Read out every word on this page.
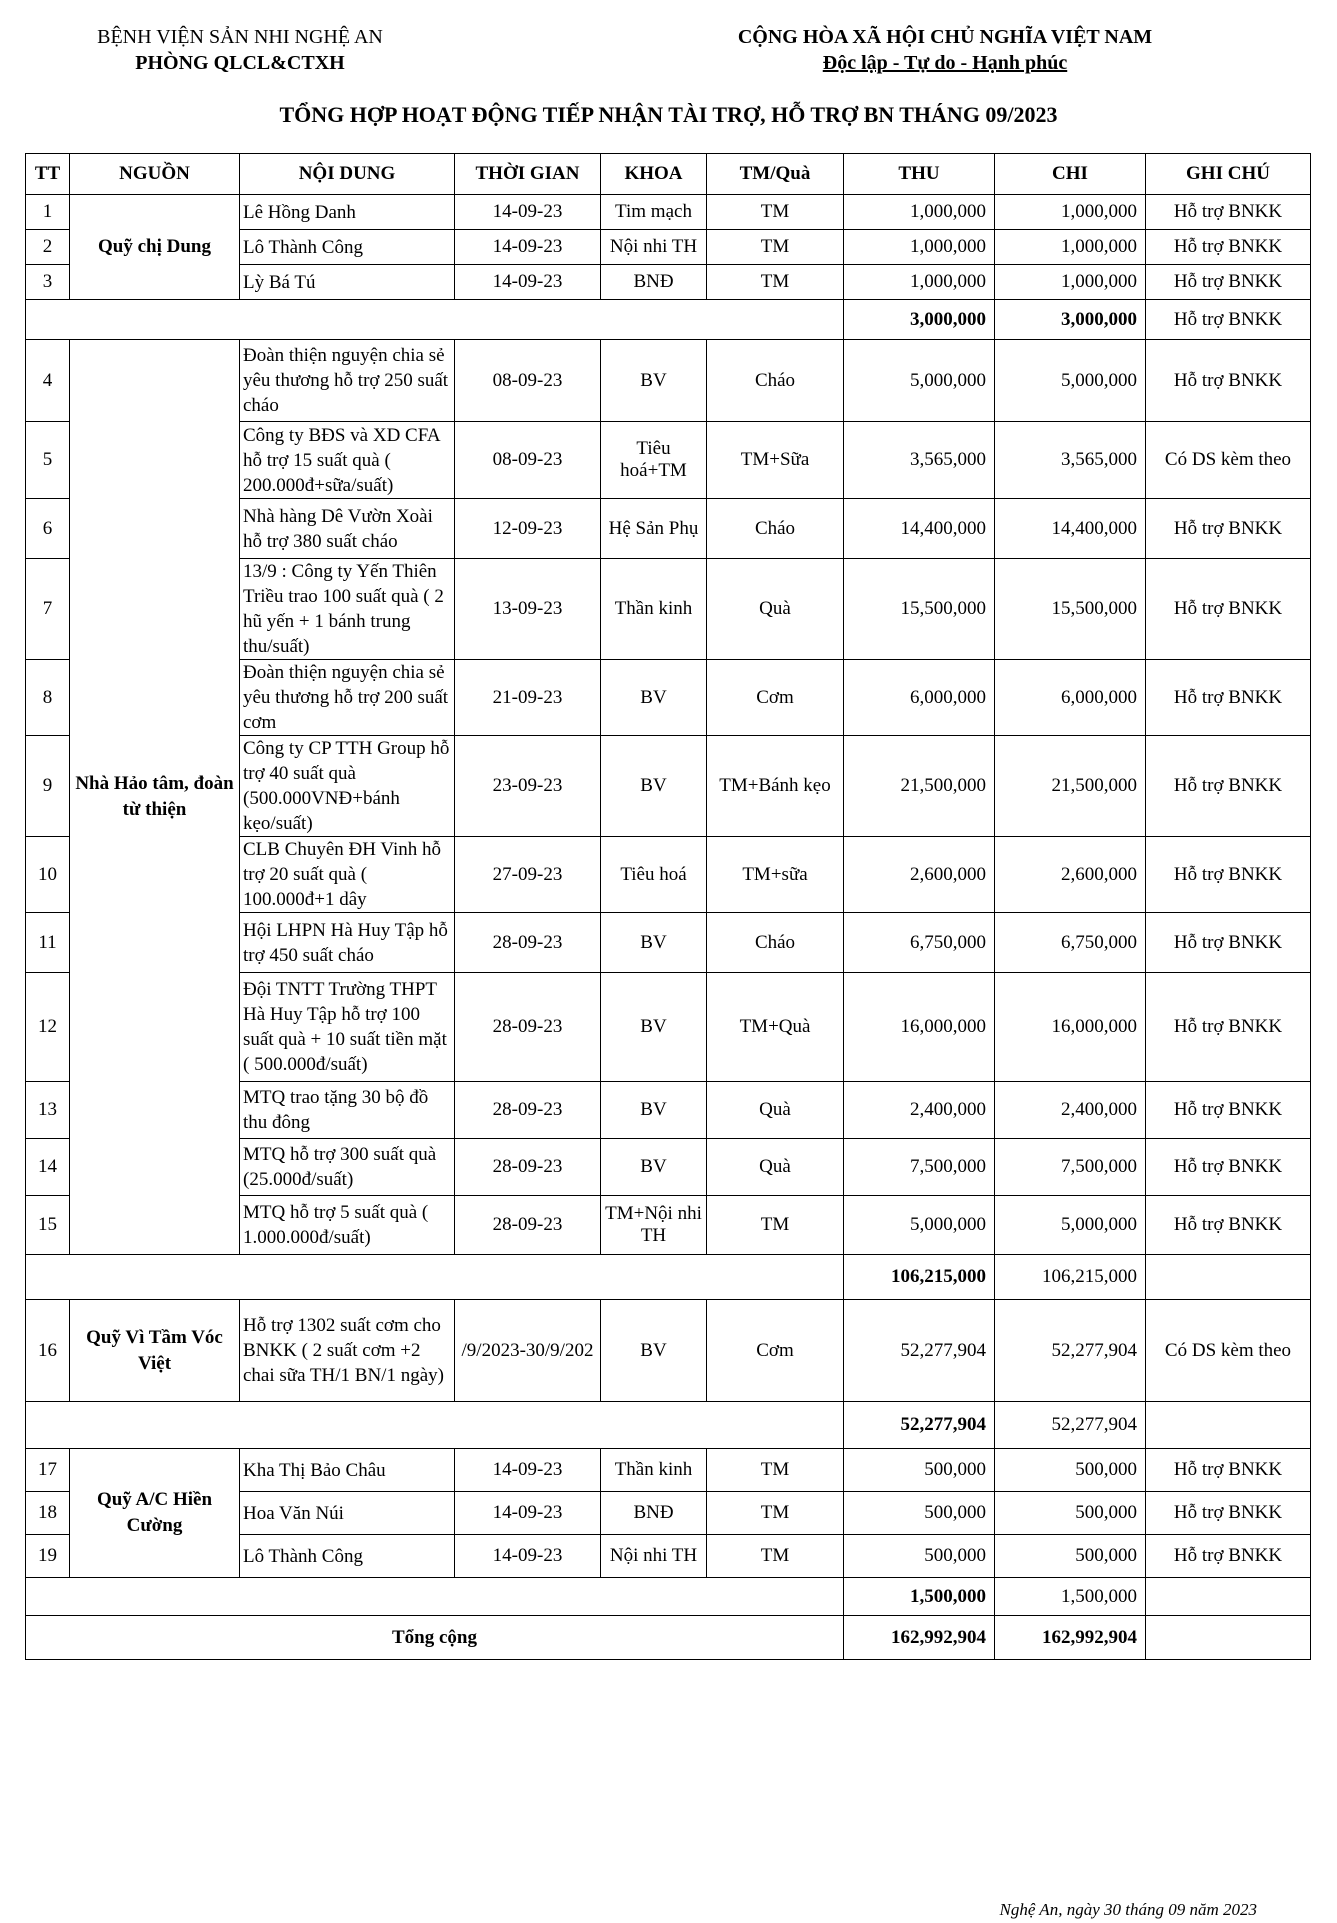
BỆNH VIỆN SẢN NHI NGHỆ AN
PHÒNG QLCL&CTXH
CỘNG HÒA XÃ HỘI CHỦ NGHĨA VIỆT NAM
Độc lập - Tự do - Hạnh phúc
TỔNG HỢP HOẠT ĐỘNG TIẾP NHẬN TÀI TRỢ, HỖ TRỢ BN THÁNG 09/2023
TT	NGUỒN	NỘI DUNG	THỜI GIAN	KHOA	TM/Quà	THU	CHI	GHI CHÚ
1	Quỹ chị Dung	Lê Hồng Danh	14-09-23	Tim mạch	TM	1,000,000	1,000,000	Hỗ trợ BNKK
2		Lô Thành Công	14-09-23	Nội nhi TH	TM	1,000,000	1,000,000	Hỗ trợ BNKK
3		Lỳ Bá Tú	14-09-23	BNĐ	TM	1,000,000	1,000,000	Hỗ trợ BNKK
						3,000,000	3,000,000	Hỗ trợ BNKK
4	Nhà Hảo tâm, đoàn từ thiện	Đoàn thiện nguyện chia sẻ yêu thương hỗ trợ 250 suất cháo	08-09-23	BV	Cháo	5,000,000	5,000,000	Hỗ trợ BNKK
5		Công ty BĐS và XD CFA hỗ trợ 15 suất quà ( 200.000đ+sữa/suất)	08-09-23	Tiêu hoá+TM	TM+Sữa	3,565,000	3,565,000	Có DS kèm theo
6		Nhà hàng Dê Vườn Xoài hỗ trợ 380 suất cháo	12-09-23	Hệ Sản Phụ	Cháo	14,400,000	14,400,000	Hỗ trợ BNKK
7		13/9 : Công ty Yến Thiên Triều trao 100 suất quà ( 2 hũ yến + 1 bánh trung thu/suất)	13-09-23	Thần kinh	Quà	15,500,000	15,500,000	Hỗ trợ BNKK
8		Đoàn thiện nguyện chia sẻ yêu thương hỗ trợ 200 suất cơm	21-09-23	BV	Cơm	6,000,000	6,000,000	Hỗ trợ BNKK
9		Công ty CP TTH Group hỗ trợ 40 suất quà (500.000VNĐ+bánh kẹo/suất)	23-09-23	BV	TM+Bánh kẹo	21,500,000	21,500,000	Hỗ trợ BNKK
10		CLB Chuyên ĐH Vinh hỗ trợ 20 suất quà ( 100.000đ+1 dây	27-09-23	Tiêu hoá	TM+sữa	2,600,000	2,600,000	Hỗ trợ BNKK
11		Hội LHPN Hà Huy Tập hỗ trợ 450 suất cháo	28-09-23	BV	Cháo	6,750,000	6,750,000	Hỗ trợ BNKK
12		Đội TNTT Trường THPT Hà Huy Tập hỗ trợ 100 suất quà + 10 suất tiền mặt ( 500.000đ/suất)	28-09-23	BV	TM+Quà	16,000,000	16,000,000	Hỗ trợ BNKK
13		MTQ trao tặng 30 bộ đồ thu đông	28-09-23	BV	Quà	2,400,000	2,400,000	Hỗ trợ BNKK
14		MTQ hỗ trợ 300 suất quà (25.000đ/suất)	28-09-23	BV	Quà	7,500,000	7,500,000	Hỗ trợ BNKK
15		MTQ hỗ trợ 5 suất quà ( 1.000.000đ/suất)	28-09-23	TM+Nội nhi TH	TM	5,000,000	5,000,000	Hỗ trợ BNKK
						106,215,000	106,215,000	
16	Quỹ Vì Tầm Vóc Việt	Hỗ trợ 1302 suất cơm cho BNKK ( 2 suất cơm +2 chai sữa TH/1 BN/1 ngày)	/9/2023-30/9/202	BV	Cơm	52,277,904	52,277,904	Có DS kèm theo
						52,277,904	52,277,904	
17	Quỹ A/C Hiền Cường	Kha Thị Bảo Châu	14-09-23	Thần kinh	TM	500,000	500,000	Hỗ trợ BNKK
18		Hoa Văn Núi	14-09-23	BNĐ	TM	500,000	500,000	Hỗ trợ BNKK
19		Lô Thành Công	14-09-23	Nội nhi TH	TM	500,000	500,000	Hỗ trợ BNKK
						1,500,000	1,500,000	
Tổng cộng						162,992,904	162,992,904	
Nghệ An, ngày 30 tháng 09 năm 2023
